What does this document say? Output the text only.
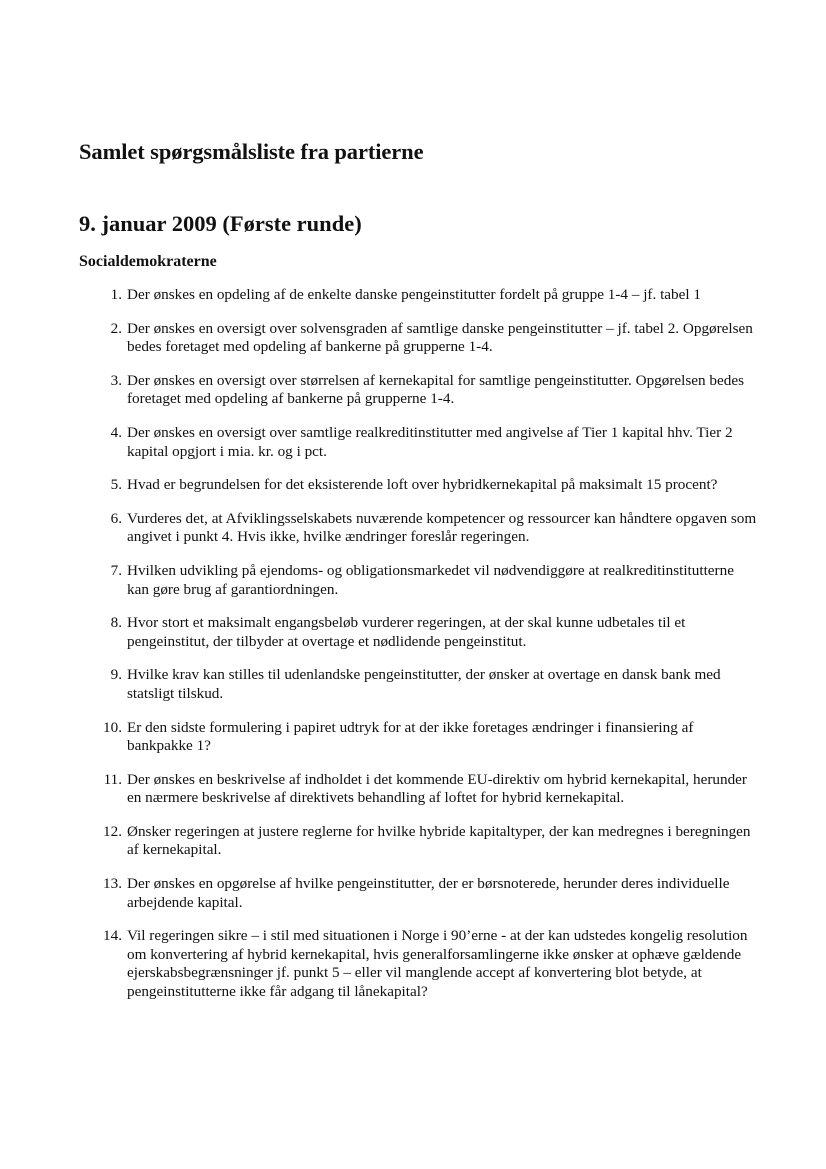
Samlet spørgsmålsliste fra partierne
9. januar 2009 (Første runde)
Socialdemokraterne
1. Der ønskes en opdeling af de enkelte danske pengeinstitutter fordelt på gruppe 1-4 – jf. tabel 1
2. Der ønskes en oversigt over solvensgraden af samtlige danske pengeinstitutter – jf. tabel 2. Opgørelsen bedes foretaget med opdeling af bankerne på grupperne 1-4.
3. Der ønskes en oversigt over størrelsen af kernekapital for samtlige pengeinstitutter. Opgørelsen bedes foretaget med opdeling af bankerne på grupperne 1-4.
4. Der ønskes en oversigt over samtlige realkreditinstitutter med angivelse af Tier 1 kapital hhv. Tier 2 kapital opgjort i mia. kr. og i pct.
5. Hvad er begrundelsen for det eksisterende loft over hybridkernekapital på maksimalt 15 procent?
6. Vurderes det, at Afviklingsselskabets nuværende kompetencer og ressourcer kan håndtere opgaven som angivet i punkt 4. Hvis ikke, hvilke ændringer foreslår regeringen.
7. Hvilken udvikling på ejendoms- og obligationsmarkedet vil nødvendiggøre at realkreditinstitutterne kan gøre brug af garantiordningen.
8. Hvor stort et maksimalt engangsbeløb vurderer regeringen, at der skal kunne udbetales til et pengeinstitut, der tilbyder at overtage et nødlidende pengeinstitut.
9. Hvilke krav kan stilles til udenlandske pengeinstitutter, der ønsker at overtage en dansk bank med statsligt tilskud.
10. Er den sidste formulering i papiret udtryk for at der ikke foretages ændringer i finansiering af bankpakke 1?
11. Der ønskes en beskrivelse af indholdet i det kommende EU-direktiv om hybrid kernekapital, herunder en nærmere beskrivelse af direktivets behandling af loftet for hybrid kernekapital.
12. Ønsker regeringen at justere reglerne for hvilke hybride kapitaltyper, der kan medregnes i beregningen af kernekapital.
13. Der ønskes en opgørelse af hvilke pengeinstitutter, der er børsnoterede, herunder deres individuelle arbejdende kapital.
14. Vil regeringen sikre – i stil med situationen i Norge i 90’erne - at der kan udstedes kongelig resolution om konvertering af hybrid kernekapital, hvis generalforsamlingerne ikke ønsker at ophæve gældende ejerskabsbegrænsninger jf. punkt 5 – eller vil manglende accept af konvertering blot betyde, at pengeinstitutterne ikke får adgang til lånekapital?
